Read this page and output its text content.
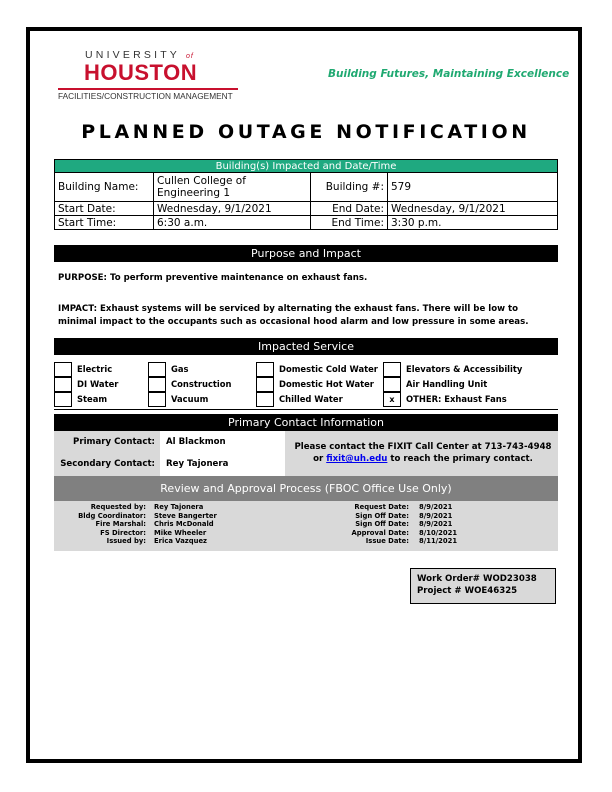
UNIVERSITY of
HOUSTON
FACILITIES/CONSTRUCTION MANAGEMENT
Building Futures, Maintaining Excellence
PLANNED OUTAGE NOTIFICATION
Building(s) Impacted and Date/Time
Building Name:	Cullen College of Engineering 1	Building #:	579
Start Date:	Wednesday, 9/1/2021	End Date:	Wednesday, 9/1/2021
Start Time:	6:30 a.m.	End Time:	3:30 p.m.
Purpose and Impact
PURPOSE: To perform preventive maintenance on exhaust fans.
IMPACT: Exhaust systems will be serviced by alternating the exhaust fans. There will be low to minimal impact to the occupants such as occasional hood alarm and low pressure in some areas.
Impacted Service
Electric
DI Water
Steam
Gas
Construction
Vacuum
Domestic Cold Water
Domestic Hot Water
Chilled Water
Elevators & Accessibility
Air Handling Unit
x	OTHER: Exhaust Fans
Primary Contact Information
Primary Contact: Al Blackmon
Secondary Contact: Rey Tajonera
Please contact the FIXIT Call Center at 713-743-4948 or fixit@uh.edu to reach the primary contact.
Review and Approval Process (FBOC Office Use Only)
Requested by: Rey Tajonera
Bldg Coordinator: Steve Bangerter
Fire Marshal: Chris McDonald
FS Director: Mike Wheeler
Issued by: Erica Vazquez
Request Date: 8/9/2021
Sign Off Date: 8/9/2021
Sign Off Date: 8/9/2021
Approval Date: 8/10/2021
Issue Date: 8/11/2021
Work Order# WOD23038
Project # WOE46325
